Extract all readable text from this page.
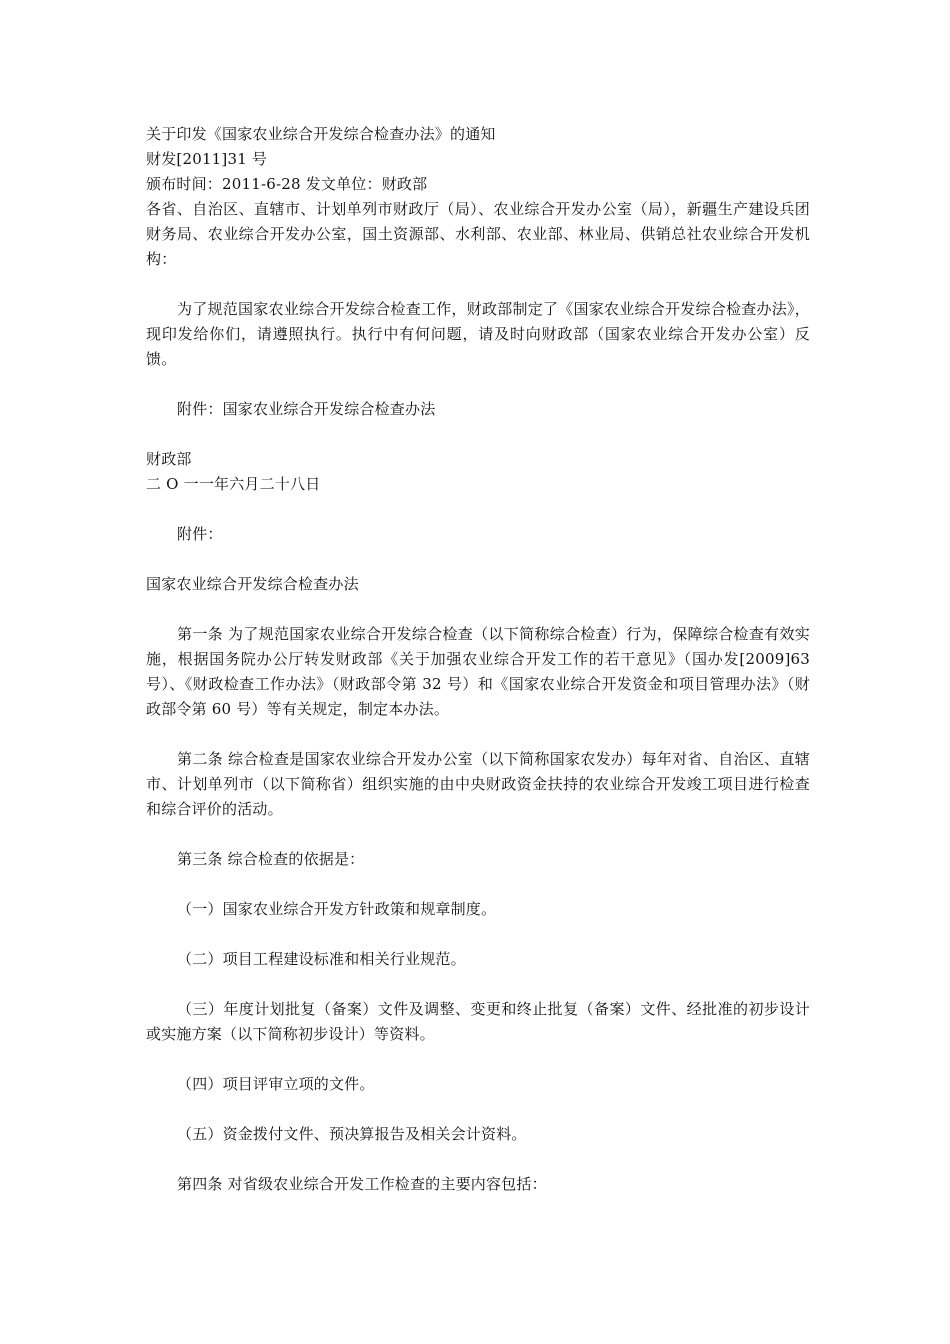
关于印发《国家农业综合开发综合检查办法》的通知

财发[2011]31 号

颁布时间：2011-6-28 发文单位：财政部

各省、自治区、直辖市、计划单列市财政厅（局）、农业综合开发办公室（局），新疆生产建设兵团财务局、农业综合开发办公室，国土资源部、水利部、农业部、林业局、供销总社农业综合开发机构：

为了规范国家农业综合开发综合检查工作，财政部制定了《国家农业综合开发综合检查办法》，现印发给你们，请遵照执行。执行中有何问题，请及时向财政部（国家农业综合开发办公室）反馈。

附件：国家农业综合开发综合检查办法

财政部

二 O 一一年六月二十八日

附件：

国家农业综合开发综合检查办法

第一条 为了规范国家农业综合开发综合检查（以下简称综合检查）行为，保障综合检查有效实施，根据国务院办公厅转发财政部《关于加强农业综合开发工作的若干意见》（国办发[2009]63 号）、《财政检查工作办法》（财政部令第 32 号）和《国家农业综合开发资金和项目管理办法》（财政部令第 60 号）等有关规定，制定本办法。

第二条 综合检查是国家农业综合开发办公室（以下简称国家农发办）每年对省、自治区、直辖市、计划单列市（以下简称省）组织实施的由中央财政资金扶持的农业综合开发竣工项目进行检查和综合评价的活动。

第三条 综合检查的依据是：

（一）国家农业综合开发方针政策和规章制度。

（二）项目工程建设标准和相关行业规范。

（三）年度计划批复（备案）文件及调整、变更和终止批复（备案）文件、经批准的初步设计或实施方案（以下简称初步设计）等资料。

（四）项目评审立项的文件。

（五）资金拨付文件、预决算报告及相关会计资料。

第四条 对省级农业综合开发工作检查的主要内容包括：
